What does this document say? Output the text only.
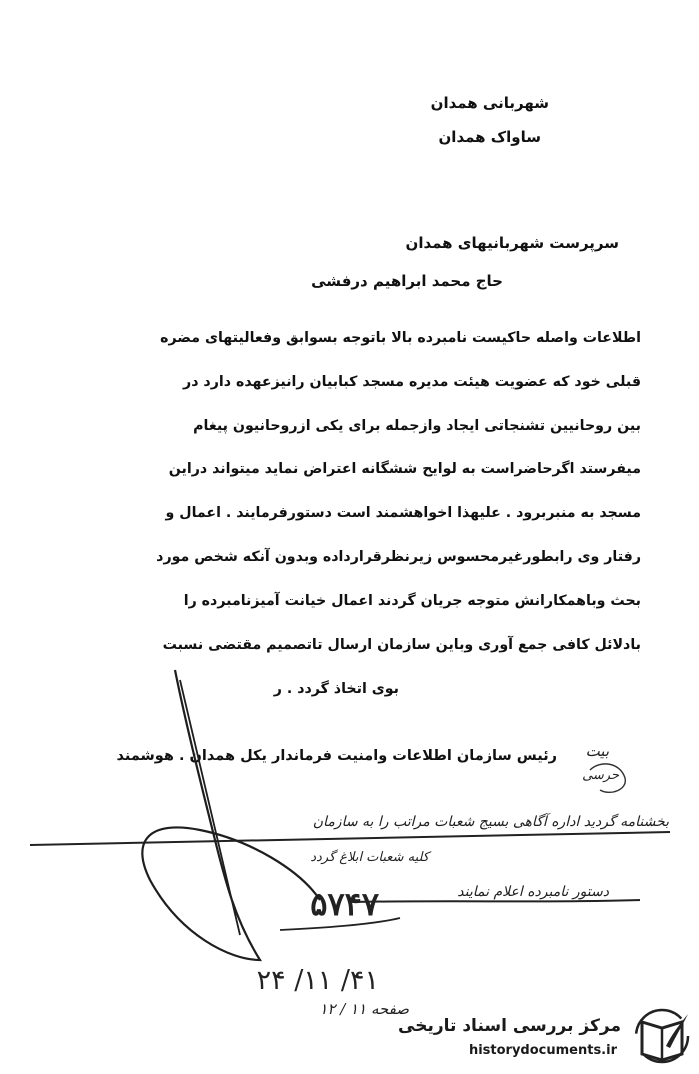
شهربانی همدان
ساواک همدان
سرپرست شهربانیهای همدان
حاج محمد ابراهیم درفشی
اطلاعات واصله حاکیست نامبرده بالا باتوجه بسوابق وفعالیتهای مضره
قبلی خود که عضویت هیئت مدیره مسجد کبابیان رانیزعهده دارد در
بین روحانیین تشنجاتی ایجاد وازجمله برای یکی ازروحانیون پیغام
میفرستد اگرحاضراست به لوایح ششگانه اعتراض نماید میتواند دراین
مسجد به منبربرود . علیهذا اخواهشمند است دستورفرمایند . اعمال و
رفتار وی رابطورغیرمحسوس زیرنظرقرارداده وبدون آنکه شخص مورد
بحث وباهمکارانش متوجه جریان گردند اعمال خیانت آمیزنامبرده را
بادلائل کافی جمع آوری وباین سازمان ارسال تاتصمیم مقتضی نسبت
بوی اتخاذ گردد . ر
رئیس سازمان اطلاعات وامنیت فرماندار یکل همدان . هوشمند بیت
حرسی
بخشنامه گردید اداره آگاهی بسیج شعبات مراتب را به سازمان
کلیه شعبات ابلاغ گردد
دستور نامبرده اعلام نمایند
۵۷۴۷
۲۴ /۱۱ /۴۱
صفحه ۱۱ / ۱۲
مرکز بررسی اسناد تاریخی
historydocuments.ir
